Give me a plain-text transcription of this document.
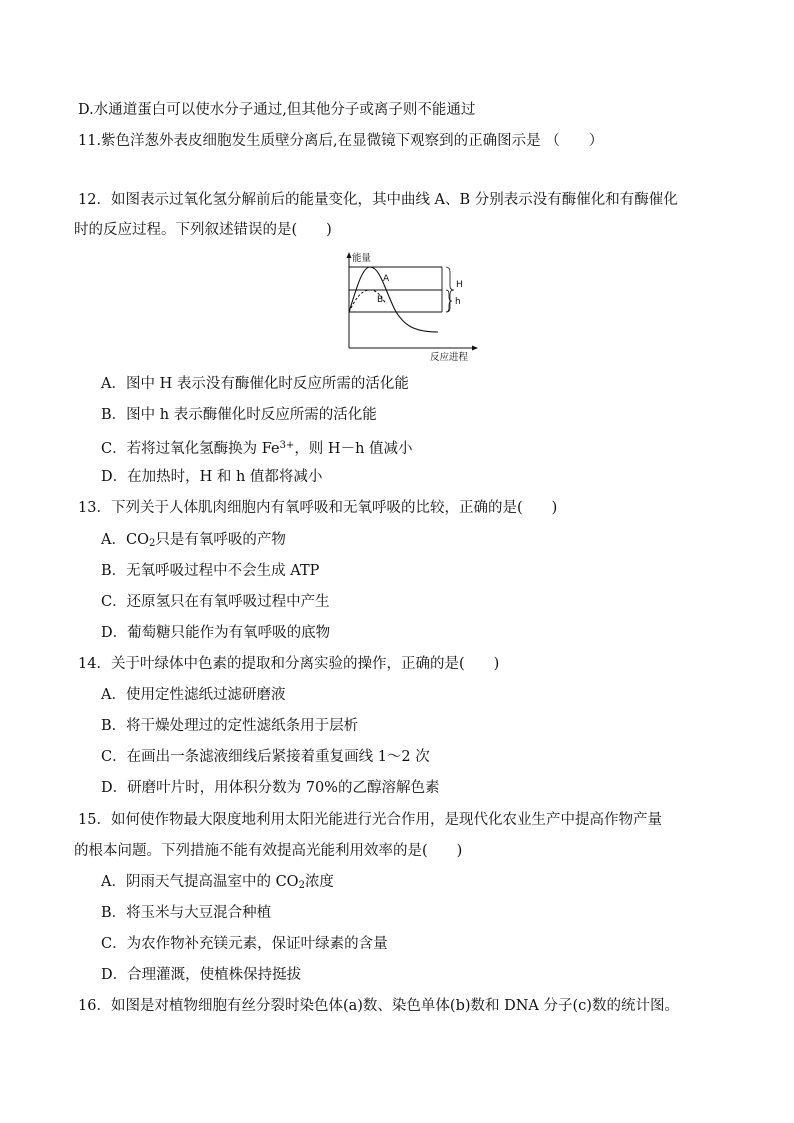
D.水通道蛋白可以使水分子通过,但其他分子或离子则不能通过
11.紫色洋葱外表皮细胞发生质壁分离后,在显微镜下观察到的正确图示是 （　　）
12．如图表示过氧化氢分解前后的能量变化，其中曲线 A、B 分别表示没有酶催化和有酶催化
时的反应过程。下列叙述错误的是(　　)
能量
反应进程
A
B
H
h
A．图中 H 表示没有酶催化时反应所需的活化能
B．图中 h 表示酶催化时反应所需的活化能
C．若将过氧化氢酶换为 $Fe^{3+}$，则 H－h 值减小
D．在加热时，H 和 h 值都将减小
13．下列关于人体肌肉细胞内有氧呼吸和无氧呼吸的比较，正确的是(　　)
A．$CO_2$只是有氧呼吸的产物
B．无氧呼吸过程中不会生成 ATP
C．还原氢只在有氧呼吸过程中产生
D．葡萄糖只能作为有氧呼吸的底物
14．关于叶绿体中色素的提取和分离实验的操作，正确的是(　　)
A．使用定性滤纸过滤研磨液
B．将干燥处理过的定性滤纸条用于层析
C．在画出一条滤液细线后紧接着重复画线 1～2 次
D．研磨叶片时，用体积分数为 70%的乙醇溶解色素
15．如何使作物最大限度地利用太阳光能进行光合作用，是现代化农业生产中提高作物产量
的根本问题。下列措施不能有效提高光能利用效率的是(　　)
A．阴雨天气提高温室中的 $CO_2$浓度
B．将玉米与大豆混合种植
C．为农作物补充镁元素，保证叶绿素的含量
D．合理灌溉，使植株保持挺拔
16．如图是对植物细胞有丝分裂时染色体(a)数、染色单体(b)数和 DNA 分子(c)数的统计图。
